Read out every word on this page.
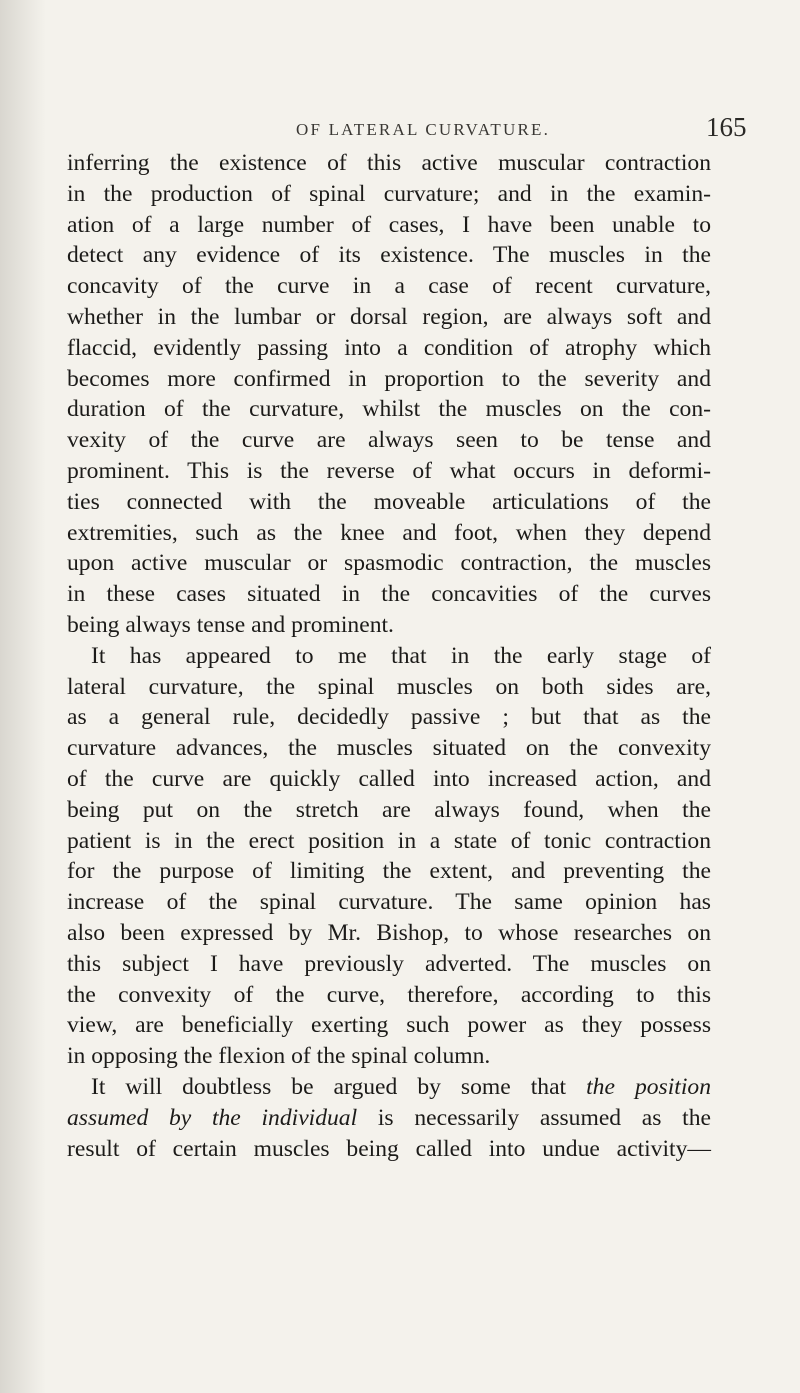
OF LATERAL CURVATURE.	165
inferring the existence of this active muscular contraction
in the production of spinal curvature; and in the examin-
ation of a large number of cases, I have been unable to
detect any evidence of its existence. The muscles in the
concavity of the curve in a case of recent curvature,
whether in the lumbar or dorsal region, are always soft and
flaccid, evidently passing into a condition of atrophy which
becomes more confirmed in proportion to the severity and
duration of the curvature, whilst the muscles on the con-
vexity of the curve are always seen to be tense and
prominent. This is the reverse of what occurs in deformi-
ties connected with the moveable articulations of the
extremities, such as the knee and foot, when they depend
upon active muscular or spasmodic contraction, the muscles
in these cases situated in the concavities of the curves
being always tense and prominent.
It has appeared to me that in the early stage of
lateral curvature, the spinal muscles on both sides are,
as a general rule, decidedly passive ; but that as the
curvature advances, the muscles situated on the convexity
of the curve are quickly called into increased action, and
being put on the stretch are always found, when the
patient is in the erect position in a state of tonic contraction
for the purpose of limiting the extent, and preventing the
increase of the spinal curvature. The same opinion has
also been expressed by Mr. Bishop, to whose researches on
this subject I have previously adverted. The muscles on
the convexity of the curve, therefore, according to this
view, are beneficially exerting such power as they possess
in opposing the flexion of the spinal column.
It will doubtless be argued by some that the position
assumed by the individual is necessarily assumed as the
result of certain muscles being called into undue activity—
